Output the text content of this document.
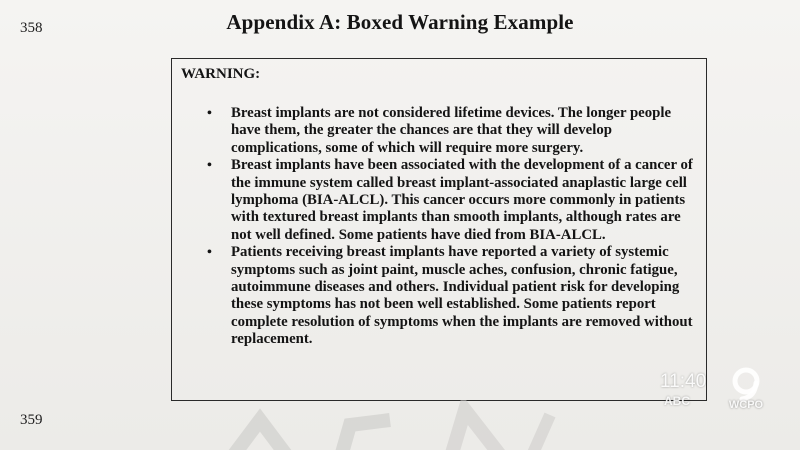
358
359
Appendix A: Boxed Warning Example
WARNING:
• Breast implants are not considered lifetime devices. The longer people have them, the greater the chances are that they will develop complications, some of which will require more surgery.
• Breast implants have been associated with the development of a cancer of the immune system called breast implant-associated anaplastic large cell lymphoma (BIA-ALCL). This cancer occurs more commonly in patients with textured breast implants than smooth implants, although rates are not well defined. Some patients have died from BIA-ALCL.
• Patients receiving breast implants have reported a variety of systemic symptoms such as joint paint, muscle aches, confusion, chronic fatigue, autoimmune diseases and others. Individual patient risk for developing these symptoms has not been well established. Some patients report complete resolution of symptoms when the implants are removed without replacement.
11:40
ABC	WCPO
